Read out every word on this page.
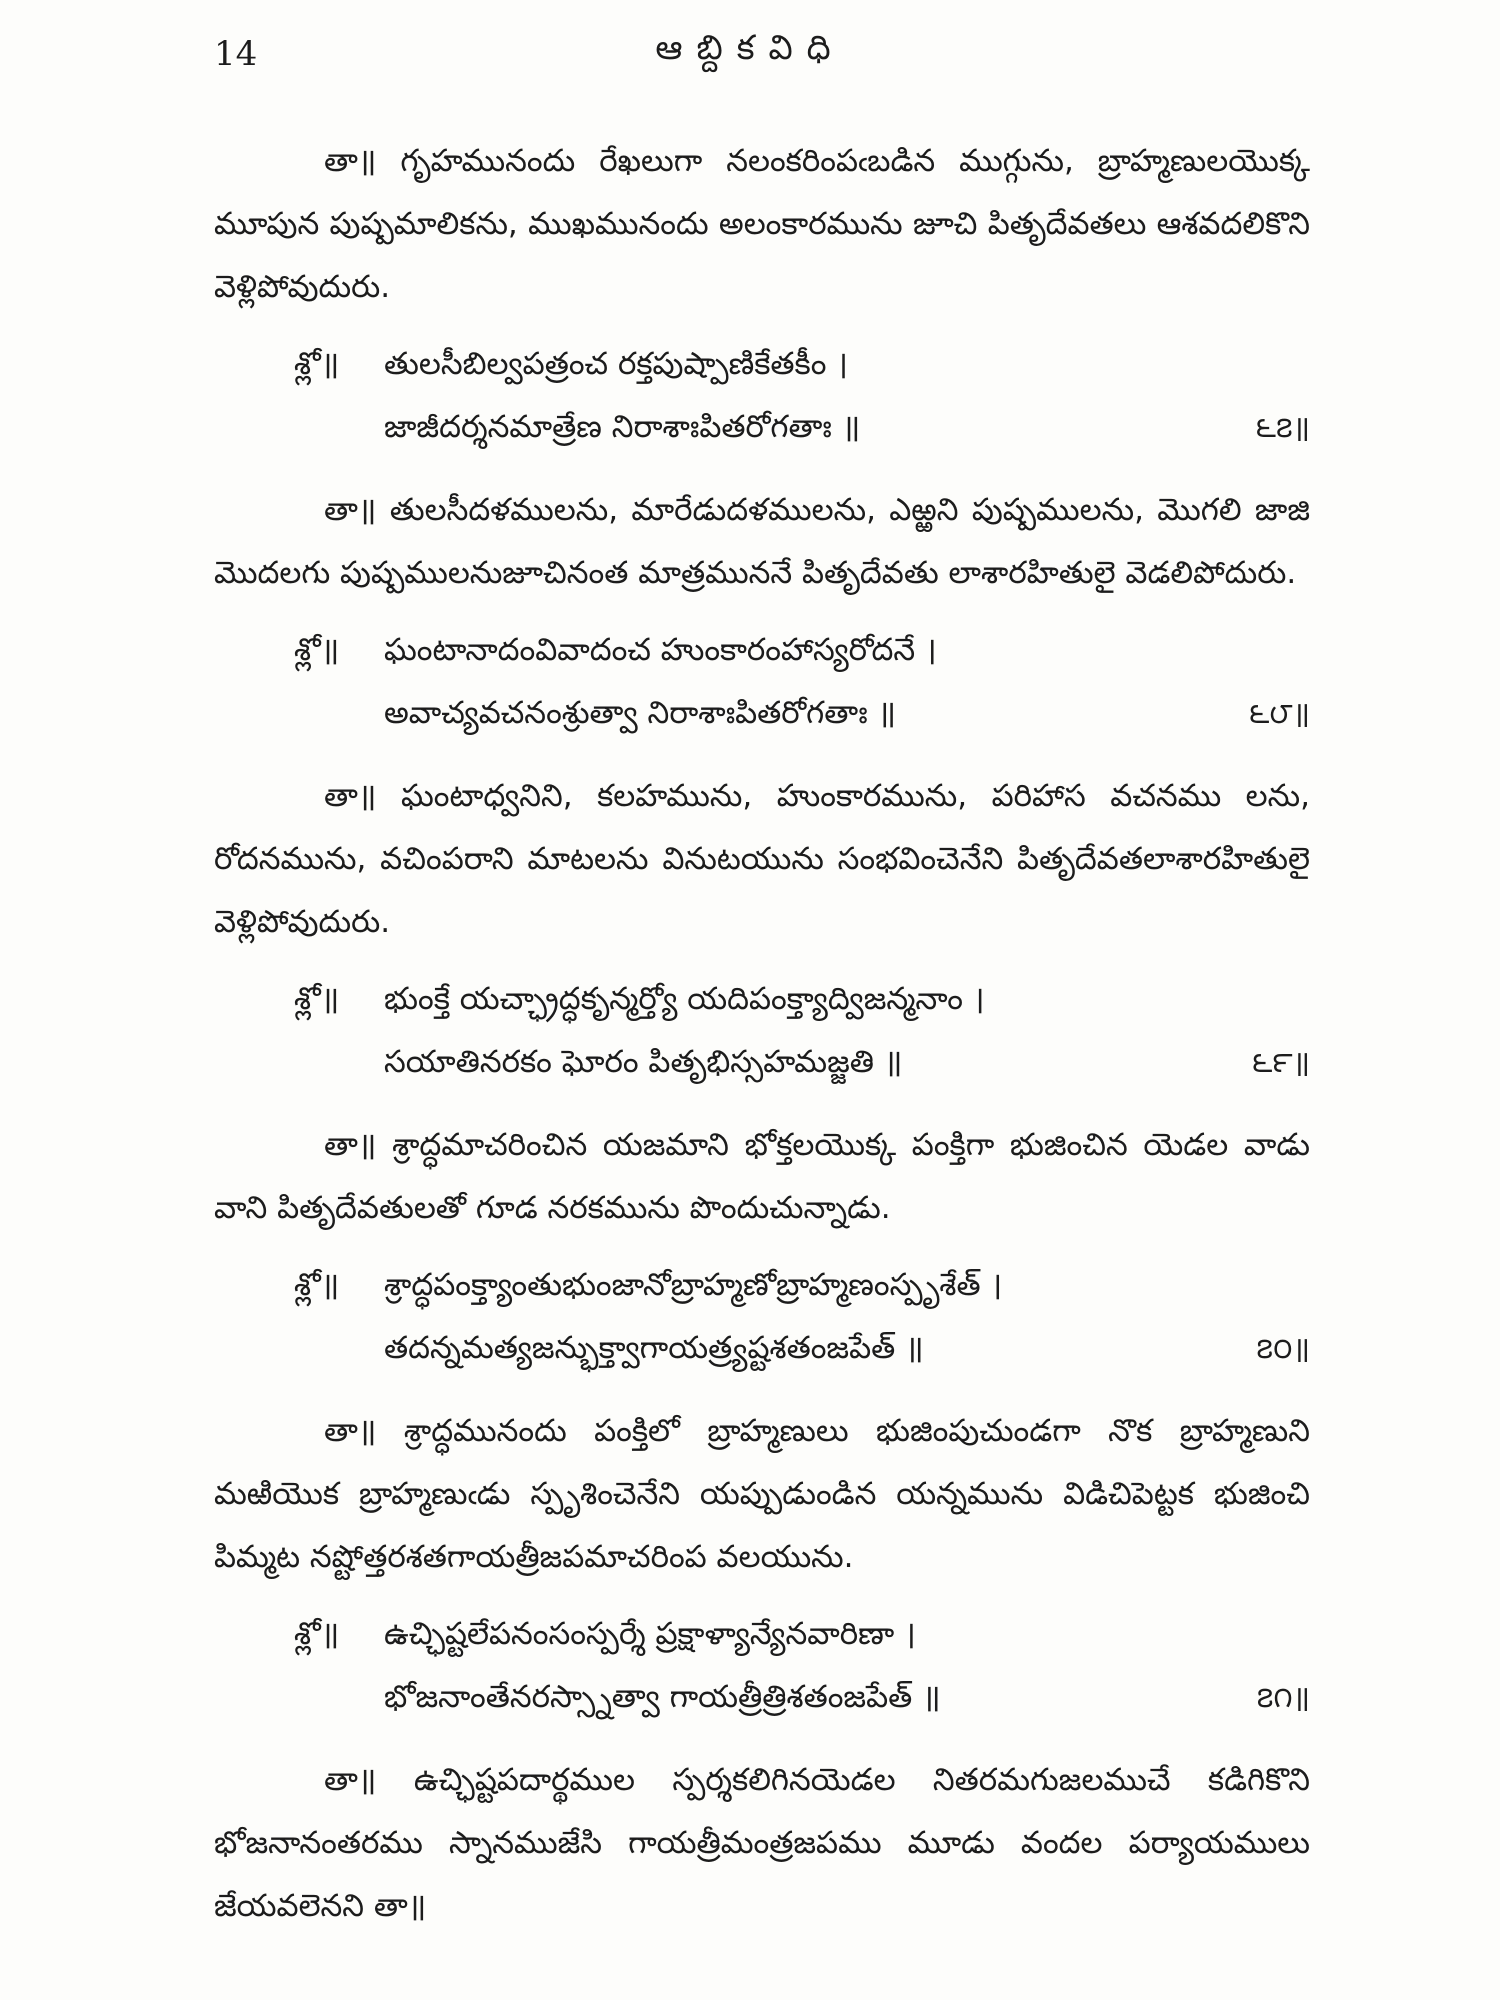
14	ఆబ్దికవిధి

తా॥ గృహమునందు రేఖలుగా నలంకరింపఁబడిన ముగ్గును, బ్రాహ్మణులయొక్క మూపున పుష్పమాలికను, ముఖమునందు అలంకారమును జూచి పితృదేవతలు ఆశవదలికొని వెళ్లిపోవుదురు.

శ్లో॥ తులసీబిల్వపత్రంచ రక్తపుష్పాణికేతకీం ।
జాజీదర్శనమాత్రేణ నిరాశాఃపితరోగతాః ॥	౬౭॥

తా॥ తులసీదళములను, మారేడుదళములను, ఎఱ్ఱని పుష్పములను, మొగలి జాజి మొదలగు పుష్పములనుజూచినంత మాత్రముననే పితృదేవతు లాశారహితులై వెడలిపోదురు.

శ్లో॥ ఘంటానాదంవివాదంచ హుంకారంహాస్యరోదనే ।
అవాచ్యవచనంశ్రుత్వా నిరాశాఃపితరోగతాః ॥	౬౮॥

తా॥ ఘంటాధ్వనిని, కలహమును, హుంకారమును, పరిహాస వచనము లను, రోదనమును, వచింపరాని మాటలను వినుటయును సంభవించెనేని పితృదేవతలాశారహితులై వెళ్లిపోవుదురు.

శ్లో॥ భుంక్తే యచ్ఛ్రాద్ధకృన్మర్త్యో యదిపంక్త్యాద్విజన్మనాం ।
సయాతినరకం ఘోరం పితృభిస్సహమజ్జతి ॥	౬౯॥

తా॥ శ్రాద్ధమాచరించిన యజమాని భోక్తలయొక్క పంక్తిగా భుజించిన యెడల వాడు వాని పితృదేవతులతో గూడ నరకమును పొందుచున్నాడు.

శ్లో॥ శ్రాద్ధపంక్త్యాంతుభుంజానోబ్రాహ్మణోబ్రాహ్మణంస్పృశేత్ ।
తదన్నమత్యజన్భుక్త్వాగాయత్ర్యష్టశతంజపేత్ ॥	౭౦॥

తా॥ శ్రాద్ధమునందు పంక్తిలో బ్రాహ్మణులు భుజింపుచుండగా నొక బ్రాహ్మణుని మఱియొక బ్రాహ్మణుఁడు స్పృశించెనేని యప్పుడుండిన యన్నమును విడిచిపెట్టక భుజించి పిమ్మట నష్టోత్తరశతగాయత్రీజపమాచరింప వలయును.

శ్లో॥ ఉచ్ఛిష్టలేపనంసంస్పర్శే ప్రక్షాళ్యాన్యేనవారిణా ।
భోజనాంతేనరస్స్నాత్వా గాయత్రీత్రిశతంజపేత్ ॥	౭౧॥

తా॥ ఉచ్ఛిష్టపదార్థముల స్పర్శకలిగినయెడల నితరమగుజలముచే కడిగికొని భోజనానంతరము స్నానముజేసి గాయత్రీమంత్రజపము మూడు వందల పర్యాయములు జేయవలెనని తా॥
